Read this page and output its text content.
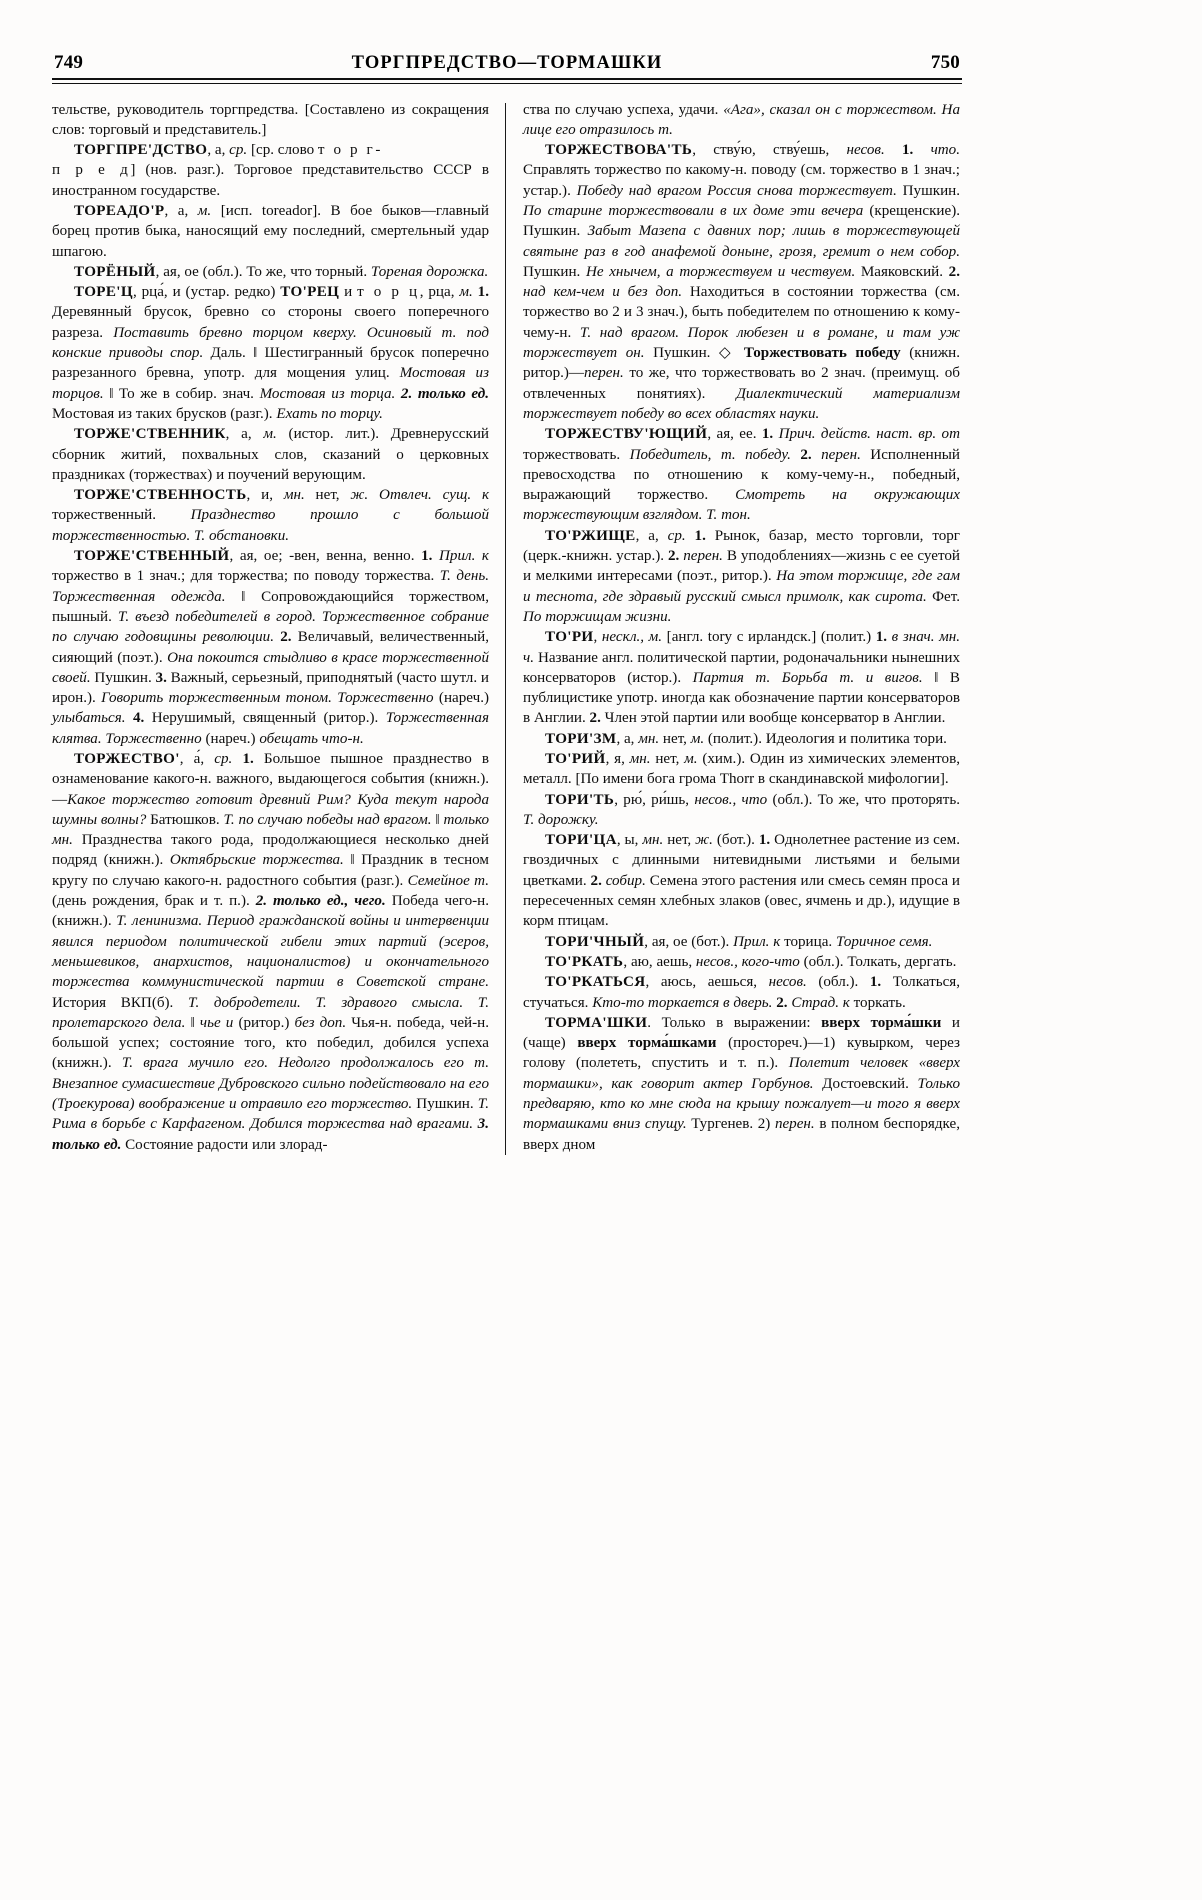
749	ТОРГПРЕДСТВО—ТОРМАШКИ	750

тельстве, руководитель торгпредства. [Составлено из сокращения слов: торговый и представитель.]

ТОРГПРЕ'ДСТВО, а, ср. [ср. слово т о р г-
п р е д] (нов. разг.). Торговое представительство СССР в иностранном государстве.

ТОРЕАДО'Р, а, м. [исп. toreador]. В бое быков—главный борец против быка, наносящий ему последний, смертельный удар шпагою.

ТОРЁНЫЙ, ая, ое (обл.). То же, что торный. Тореная дорожка.

ТОРЕ'Ц, рца́, и (устар. редко) ТО'РЕЦ и т о р ц, рца, м. 1. Деревянный брусок, бревно со стороны своего поперечного разреза. Поставить бревно торцом кверху. Осиновый т. под конские приводы спор. Даль. ‖ Шестигранный брусок поперечно разрезанного бревна, употр. для мощения улиц. Мостовая из торцов. ‖ То же в собир. знач. Мостовая из торца. 2. только ед. Мостовая из таких брусков (разг.). Ехать по торцу.

ТОРЖЕ'СТВЕННИК, а, м. (истор. лит.). Древнерусский сборник житий, похвальных слов, сказаний о церковных праздниках (торжествах) и поучений верующим.

ТОРЖЕ'СТВЕННОСТЬ, и, мн. нет, ж. Отвлеч. сущ. к торжественный. Празднество прошло с большой торжественностью. Т. обстановки.

ТОРЖЕ'СТВЕННЫЙ, ая, ое; -вен, венна, венно. 1. Прил. к торжество в 1 знач.; для торжества; по поводу торжества. Т. день. Торжественная одежда. ‖ Сопровождающийся торжеством, пышный. Т. въезд победителей в город. Торжественное собрание по случаю годовщины революции. 2. Величавый, величественный, сияющий (поэт.). Она покоится стыдливо в красе торжественной своей. Пушкин. 3. Важный, серьезный, приподнятый (часто шутл. и ирон.). Говорить торжественным тоном. Торжественно (нареч.) улыбаться. 4. Нерушимый, священный (ритор.). Торжественная клятва. Торжественно (нареч.) обещать что-н.

ТОРЖЕСТВО', а́, ср. 1. Большое пышное празднество в ознаменование какого-н. важного, выдающегося события (книжн.).—Какое торжество готовит древний Рим? Куда текут народа шумны волны? Батюшков. Т. по случаю победы над врагом. ‖ только мн. Празднества такого рода, продолжающиеся несколько дней подряд (книжн.). Октябрьские торжества. ‖ Праздник в тесном кругу по случаю какого-н. радостного события (разг.). Семейное т. (день рождения, брак и т. п.). 2. только ед., чего. Победа чего-н. (книжн.). Т. ленинизма. Период гражданской войны и интервенции явился периодом политической гибели этих партий (эсеров, меньшевиков, анархистов, националистов) и окончательного торжества коммунистической партии в Советской стране. История ВКП(б). Т. добродетели. Т. здравого смысла. Т. пролетарского дела. ‖ чье и (ритор.) без доп. Чья-н. победа, чей-н. большой успех; состояние того, кто победил, добился успеха (книжн.). Т. врага мучило его. Недолго продолжалось его т. Внезапное сумасшествие Дубровского сильно подействовало на его (Троекурова) воображение и отравило его торжество. Пушкин. Т. Рима в борьбе с Карфагеном. Добился торжества над врагами. 3. только ед. Состояние радости или злорад-

ства по случаю успеха, удачи. «Ага», сказал он с торжеством. На лице его отразилось т.

ТОРЖЕСТВОВА'ТЬ, ству́ю, ству́ешь, несов. 1. что. Справлять торжество по какому-н. поводу (см. торжество в 1 знач.; устар.). Победу над врагом Россия снова торжествует. Пушкин. По старине торжествовали в их доме эти вечера (крещенские). Пушкин. Забыт Мазепа с давних пор; лишь в торжествующей святыне раз в год анафемой доныне, грозя, гремит о нем собор. Пушкин. Не хнычем, а торжествуем и чествуем. Маяковский. 2. над кем-чем и без доп. Находиться в состоянии торжества (см. торжество во 2 и 3 знач.), быть победителем по отношению к кому-чему-н. Т. над врагом. Порок любезен и в романе, и там уж торжествует он. Пушкин. ◇ Торжествовать победу (книжн. ритор.)—перен. то же, что торжествовать во 2 знач. (преимущ. об отвлеченных понятиях). Диалектический материализм торжествует победу во всех областях науки.

ТОРЖЕСТВУ'ЮЩИЙ, ая, ее. 1. Прич. действ. наст. вр. от торжествовать. Победитель, т. победу. 2. перен. Исполненный превосходства по отношению к кому-чему-н., победный, выражающий торжество. Смотреть на окружающих торжествующим взглядом. Т. тон.

ТО'РЖИЩЕ, а, ср. 1. Рынок, базар, место торговли, торг (церк.-книжн. устар.). 2. перен. В уподоблениях—жизнь с ее суетой и мелкими интересами (поэт., ритор.). На этом торжище, где гам и теснота, где здравый русский смысл примолк, как сирота. Фет. По торжищам жизни.

ТО'РИ, нескл., м. [англ. tory с ирландск.] (полит.) 1. в знач. мн. ч. Название англ. политической партии, родоначальники нынешних консерваторов (истор.). Партия т. Борьба т. и вигов. ‖ В публицистике употр. иногда как обозначение партии консерваторов в Англии. 2. Член этой партии или вообще консерватор в Англии.

ТОРИ'ЗМ, а, мн. нет, м. (полит.). Идеология и политика тори.

ТО'РИЙ, я, мн. нет, м. (хим.). Один из химических элементов, металл. [По имени бога грома Thorr в скандинавской мифологии].

ТОРИ'ТЬ, рю́, ри́шь, несов., что (обл.). То же, что проторять. Т. дорожку.

ТОРИ'ЦА, ы, мн. нет, ж. (бот.). 1. Однолетнее растение из сем. гвоздичных с длинными нитевидными листьями и белыми цветками. 2. собир. Семена этого растения или смесь семян проса и пересеченных семян хлебных злаков (овес, ячмень и др.), идущие в корм птицам.

ТОРИ'ЧНЫЙ, ая, ое (бот.). Прил. к торица. Торичное семя.

ТО'РКАТЬ, аю, аешь, несов., кого-что (обл.). Толкать, дергать.

ТО'РКАТЬСЯ, аюсь, аешься, несов. (обл.). 1. Толкаться, стучаться. Кто-то торкается в дверь. 2. Страд. к торкать.

ТОРМА'ШКИ. Только в выражении: вверх торма́шки и (чаще) вверх торма́шками (простореч.)—1) кувырком, через голову (полететь, спустить и т. п.). Полетит человек «вверх тормашки», как говорит актер Горбунов. Достоевский. Только предваряю, кто ко мне сюда на крышу пожалует—и того я вверх тормашками вниз спущу. Тургенев. 2) перен. в полном беспорядке, вверх дном
